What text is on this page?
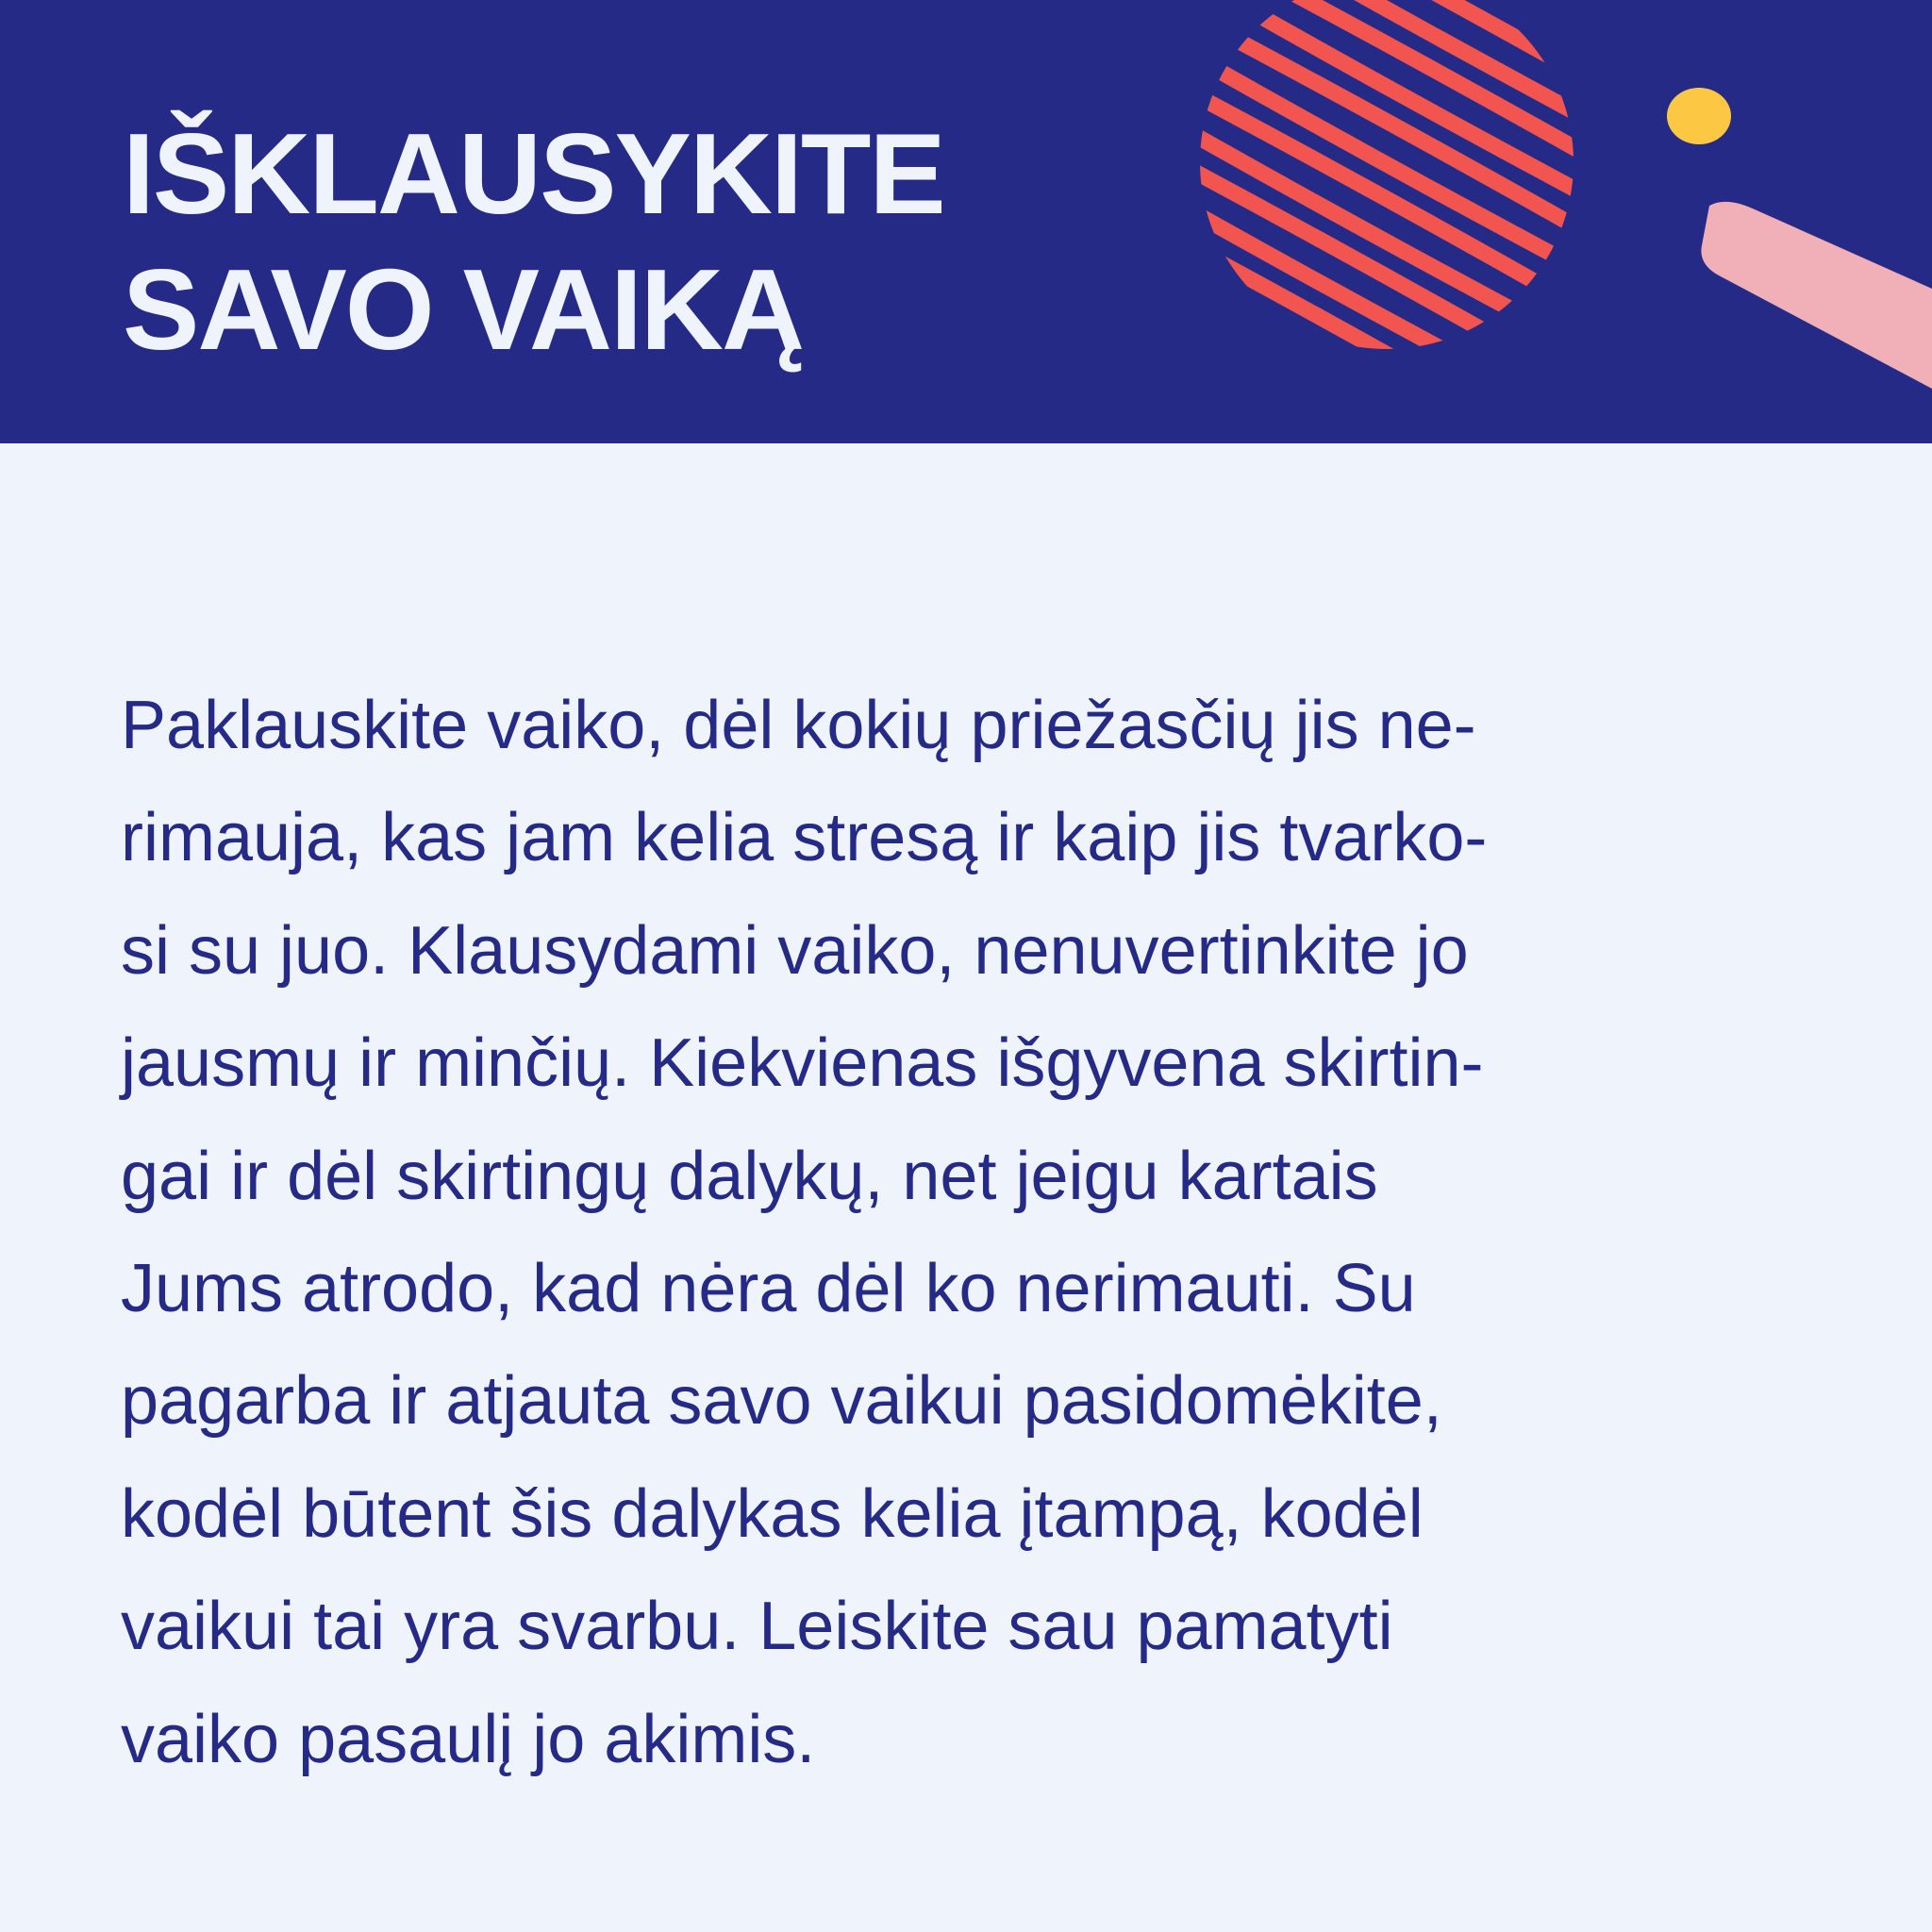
IŠKLAUSYKITE
SAVO VAIKĄ
Paklauskite vaiko, dėl kokių priežasčių jis ne-
rimauja, kas jam kelia stresą ir kaip jis tvarko-
si su juo. Klausydami vaiko, nenuvertinkite jo
jausmų ir minčių. Kiekvienas išgyvena skirtin-
gai ir dėl skirtingų dalykų, net jeigu kartais
Jums atrodo, kad nėra dėl ko nerimauti. Su
pagarba ir atjauta savo vaikui pasidomėkite,
kodėl būtent šis dalykas kelia įtampą, kodėl
vaikui tai yra svarbu. Leiskite sau pamatyti
vaiko pasaulį jo akimis.
